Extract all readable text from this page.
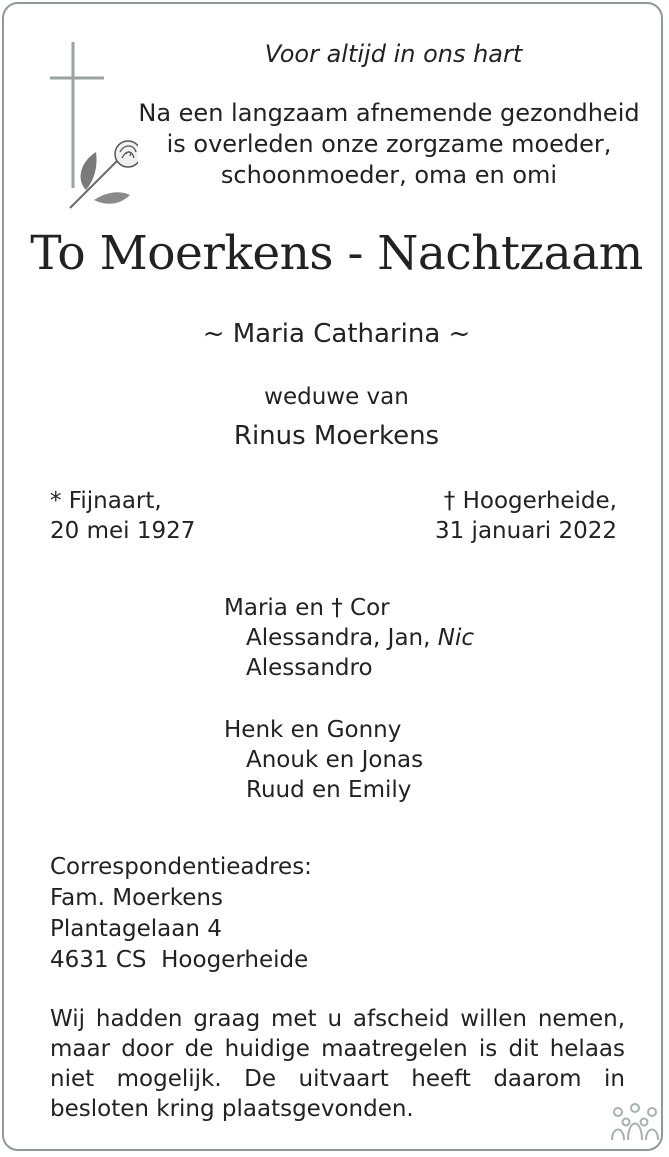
Voor altijd in ons hart
Na een langzaam afnemende gezondheid
is overleden onze zorgzame moeder,
schoonmoeder, oma en omi
To Moerkens - Nachtzaam
~ Maria Catharina ~
weduwe van
Rinus Moerkens
* Fijnaart,
20 mei 1927
† Hoogerheide,
31 januari 2022
Maria en † Cor
Alessandra, Jan, Nic
Alessandro
Henk en Gonny
Anouk en Jonas
Ruud en Emily
Correspondentieadres:
Fam. Moerkens
Plantagelaan 4
4631 CS  Hoogerheide
Wij hadden graag met u afscheid willen nemen, maar door de huidige maatregelen is dit helaas niet mogelijk. De uitvaart heeft daarom in besloten kring plaatsgevonden.
